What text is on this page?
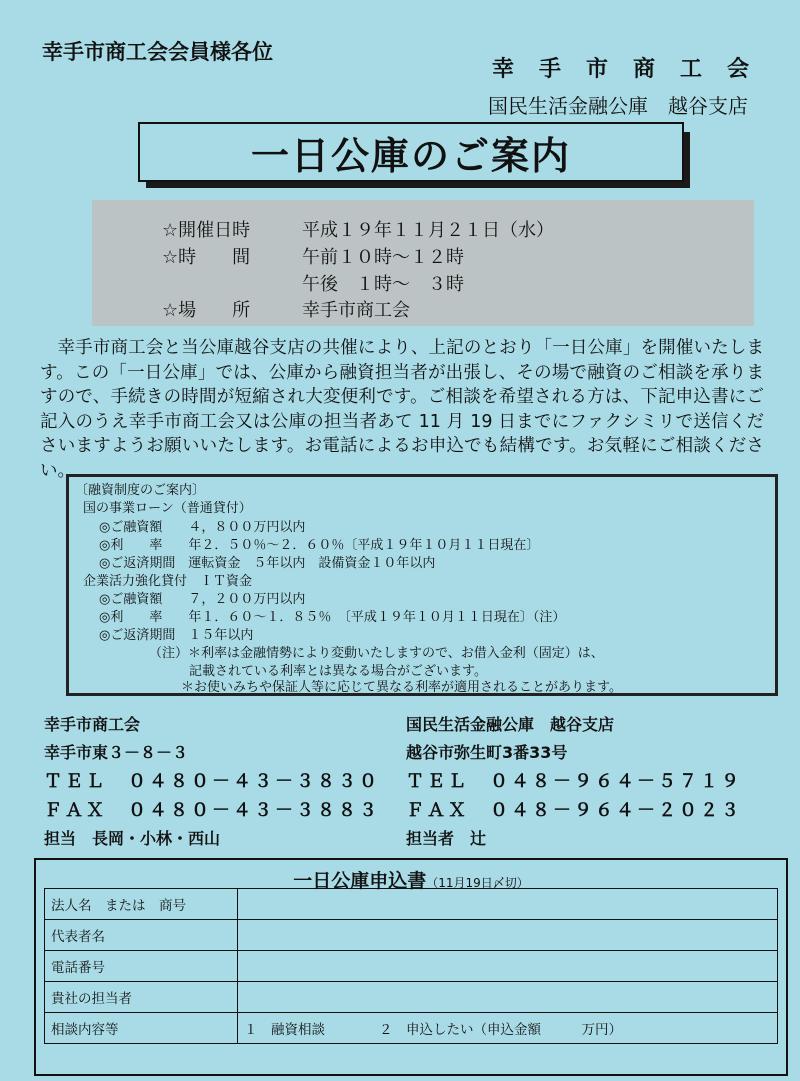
幸手市商工会会員様各位
幸手市商工会
国民生活金融公庫　越谷支店
一日公庫のご案内
☆開催日時	平成１９年１１月２１日（水）
☆時　　間	午前１０時～１２時
午後　１時～　３時
☆場　　所	幸手市商工会
幸手市商工会と当公庫越谷支店の共催により、上記のとおり「一日公庫」を開催いたします。この「一日公庫」では、公庫から融資担当者が出張し、その場で融資のご相談を承りますので、手続きの時間が短縮され大変便利です。ご相談を希望される方は、下記申込書にご記入のうえ幸手市商工会又は公庫の担当者あて 11 月 19 日までにファクシミリで送信くださいますようお願いいたします。お電話によるお申込でも結構です。お気軽にご相談ください。
〔融資制度のご案内〕
国の事業ローン（普通貸付）
◎ご融資額　　４，８００万円以内
◎利　　率　　年２．５０％～２．６０％〔平成１９年１０月１１日現在〕
◎ご返済期間　運転資金　５年以内　設備資金１０年以内
企業活力強化貸付　ＩＴ資金
◎ご融資額　　７，２００万円以内
◎利　　率　　年１．６０～１．８５％　〔平成１９年１０月１１日現在〕（注）
◎ご返済期間　１５年以内
（注）＊利率は金融情勢により変動いたしますので、お借入金利（固定）は、
記載されている利率とは異なる場合がございます。
＊お使いみちや保証人等に応じて異なる利率が適用されることがあります。
幸手市商工会
幸手市東３－８－３
ＴＥＬ　０４８０－４３－３８３０
ＦＡＸ　０４８０－４３－３８８３
担当　長岡・小林・西山
国民生活金融公庫　越谷支店
越谷市弥生町3番33号
ＴＥＬ　０４８－９６４－５７１９
ＦＡＸ　０４８－９６４－２０２３
担当者　辻
一日公庫申込書（11月19日〆切）
法人名　または　商号	
代表者名	
電話番号	
貴社の担当者	
相談内容等	１　融資相談　　　　２　申込したい（申込金額　　　万円）
